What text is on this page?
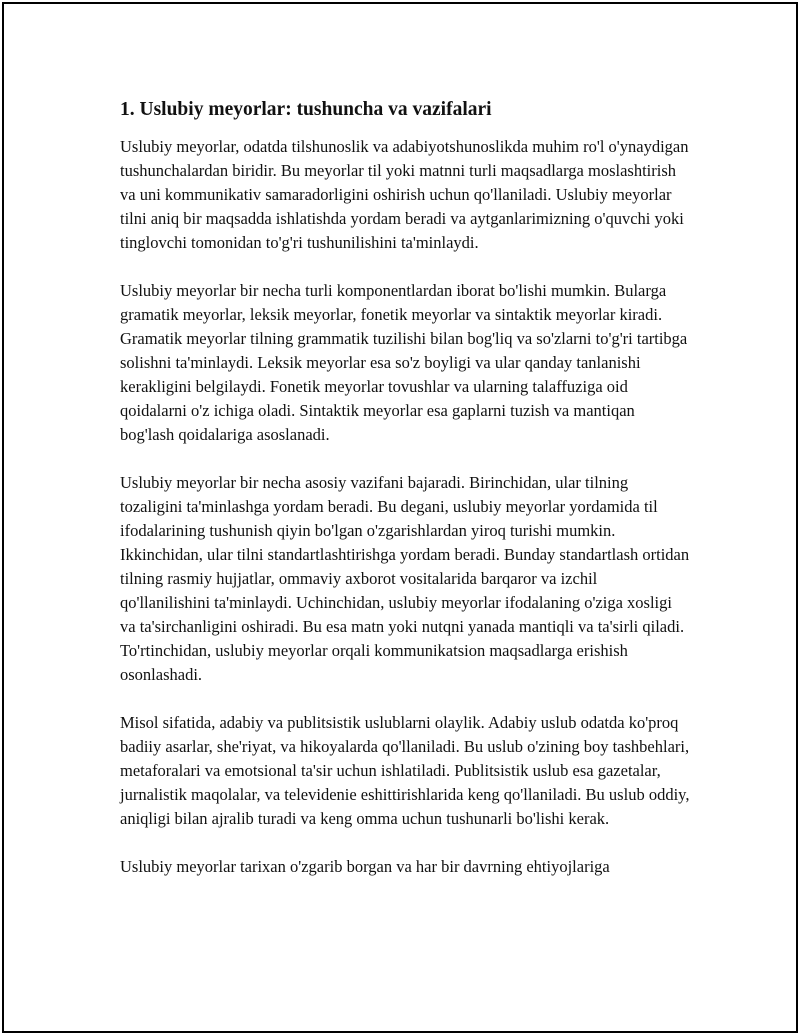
1. Uslubiy meyorlar: tushuncha va vazifalari

Uslubiy meyorlar, odatda tilshunoslik va adabiyotshunoslikda muhim ro'l o'ynaydigan tushunchalardan biridir. Bu meyorlar til yoki matnni turli maqsadlarga moslashtirish va uni kommunikativ samaradorligini oshirish uchun qo'llaniladi. Uslubiy meyorlar tilni aniq bir maqsadda ishlatishda yordam beradi va aytganlarimizning o'quvchi yoki tinglovchi tomonidan to'g'ri tushunilishini ta'minlaydi.

Uslubiy meyorlar bir necha turli komponentlardan iborat bo'lishi mumkin. Bularga gramatik meyorlar, leksik meyorlar, fonetik meyorlar va sintaktik meyorlar kiradi. Gramatik meyorlar tilning grammatik tuzilishi bilan bog'liq va so'zlarni to'g'ri tartibga solishni ta'minlaydi. Leksik meyorlar esa so'z boyligi va ular qanday tanlanishi kerakligini belgilaydi. Fonetik meyorlar tovushlar va ularning talaffuziga oid qoidalarni o'z ichiga oladi. Sintaktik meyorlar esa gaplarni tuzish va mantiqan bog'lash qoidalariga asoslanadi.

Uslubiy meyorlar bir necha asosiy vazifani bajaradi. Birinchidan, ular tilning tozaligini ta'minlashga yordam beradi. Bu degani, uslubiy meyorlar yordamida til ifodalarining tushunish qiyin bo'lgan o'zgarishlardan yiroq turishi mumkin. Ikkinchidan, ular tilni standartlashtirishga yordam beradi. Bunday standartlash ortidan tilning rasmiy hujjatlar, ommaviy axborot vositalarida barqaror va izchil qo'llanilishini ta'minlaydi. Uchinchidan, uslubiy meyorlar ifodalaning o'ziga xosligi va ta'sirchanligini oshiradi. Bu esa matn yoki nutqni yanada mantiqli va ta'sirli qiladi. To'rtinchidan, uslubiy meyorlar orqali kommunikatsion maqsadlarga erishish osonlashadi.

Misol sifatida, adabiy va publitsistik uslublarni olaylik. Adabiy uslub odatda ko'proq badiiy asarlar, she'riyat, va hikoyalarda qo'llaniladi. Bu uslub o'zining boy tashbehlari, metaforalari va emotsional ta'sir uchun ishlatiladi. Publitsistik uslub esa gazetalar, jurnalistik maqolalar, va televidenie eshittirishlarida keng qo'llaniladi. Bu uslub oddiy, aniqligi bilan ajralib turadi va keng omma uchun tushunarli bo'lishi kerak.

Uslubiy meyorlar tarixan o'zgarib borgan va har bir davrning ehtiyojlariga
